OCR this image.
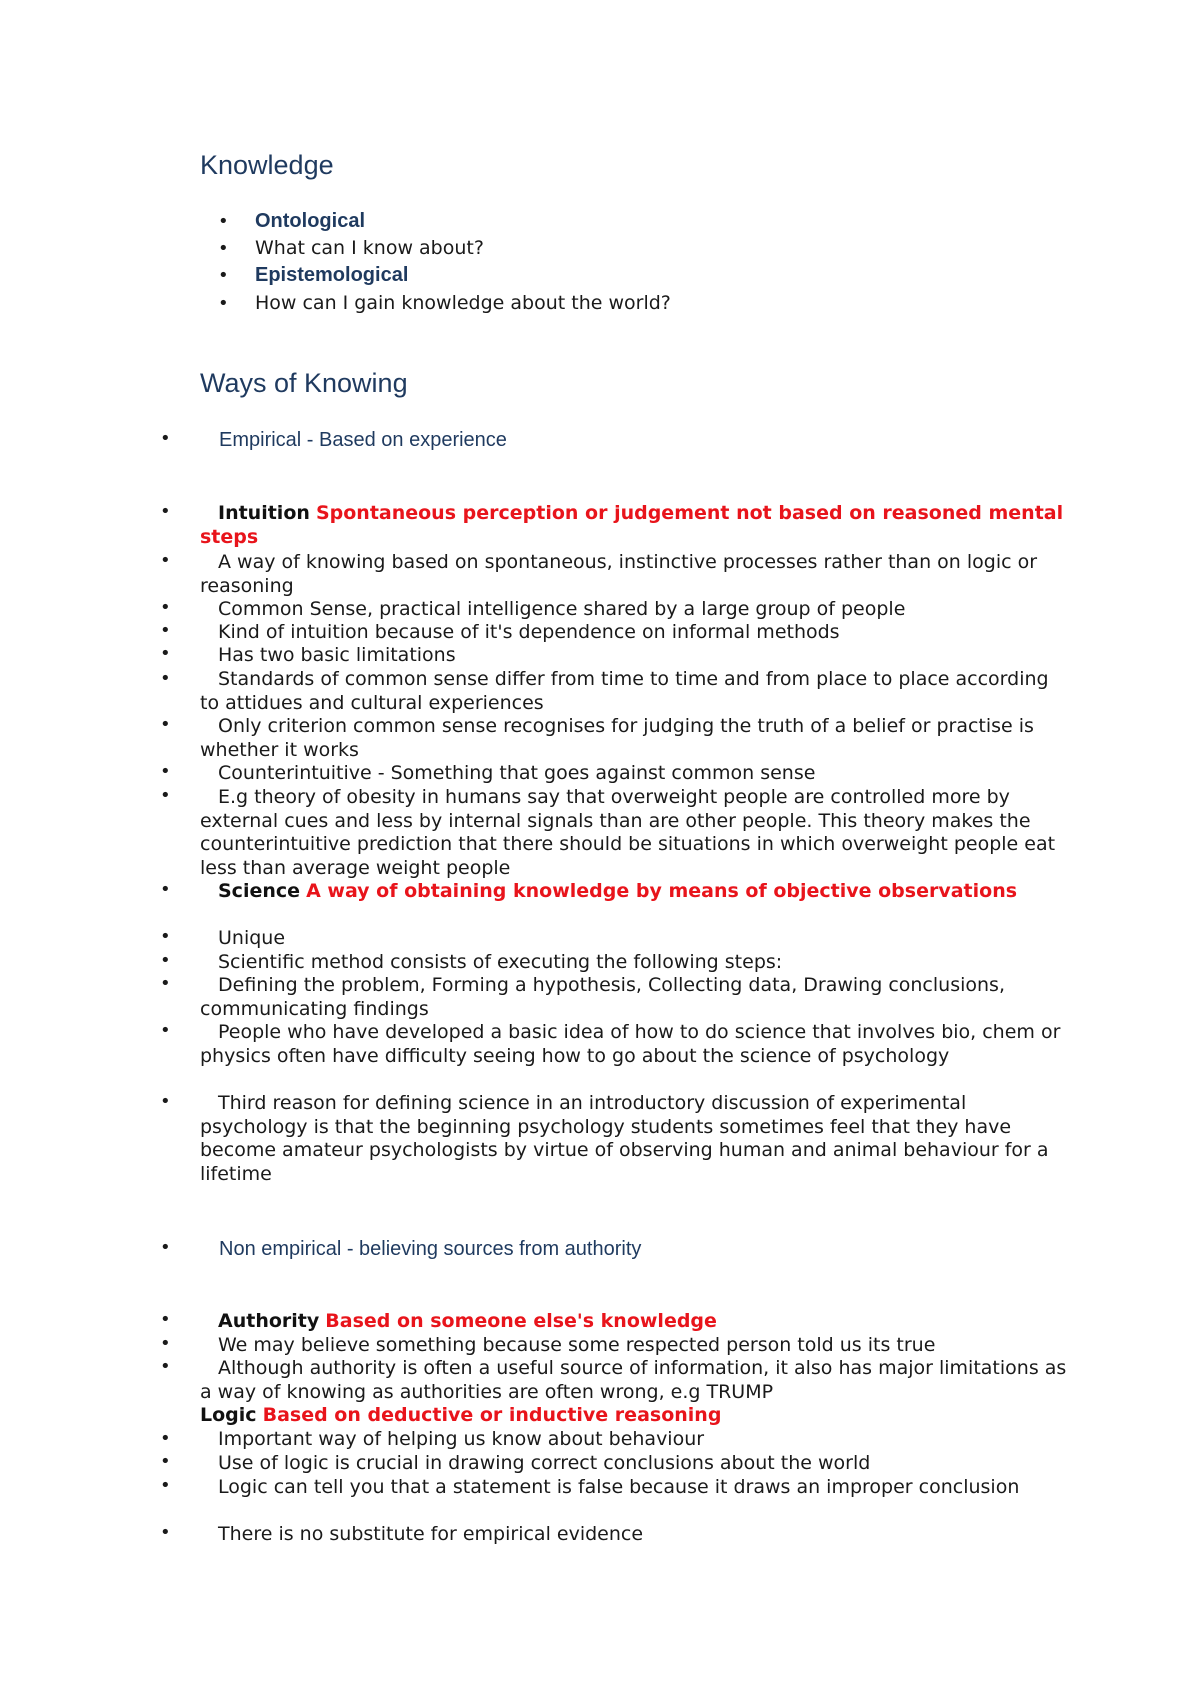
Knowledge
• Ontological
• What can I know about?
• Epistemological
• How can I gain knowledge about the world?
Ways of Knowing
• Empirical - Based on experience
•	Intuition Spontaneous perception or judgement not based on reasoned mental steps

•	A way of knowing based on spontaneous, instinctive processes rather than on logic or reasoning

•	Common Sense, practical intelligence shared by a large group of people

•	Kind of intuition because of it's dependence on informal methods

•	Has two basic limitations

•	Standards of common sense differ from time to time and from place to place according to attidues and cultural experiences

•	Only criterion common sense recognises for judging the truth of a belief or practise is whether it works

•	Counterintuitive - Something that goes against common sense

•	E.g theory of obesity in humans say that overweight people are controlled more by external cues and less by internal signals than are other people. This theory makes the counterintuitive prediction that there should be situations in which overweight people eat less than average weight people

•	Science A way of obtaining knowledge by means of objective observations

•	Unique

•	Scientific method consists of executing the following steps:

•	Defining the problem, Forming a hypothesis, Collecting data, Drawing conclusions, communicating findings

•	People who have developed a basic idea of how to do science that involves bio, chem or physics often have difficulty seeing how to go about the science of psychology

•	Third reason for defining science in an introductory discussion of experimental psychology is that the beginning psychology students sometimes feel that they have become amateur psychologists by virtue of observing human and animal behaviour for a lifetime

• Non empirical - believing sources from authority
•	Authority Based on someone else's knowledge

•	We may believe something because some respected person told us its true

•	Although authority is often a useful source of information, it also has major limitations as a way of knowing as authorities are often wrong, e.g TRUMP

Logic Based on deductive or inductive reasoning

•	Important way of helping us know about behaviour

•	Use of logic is crucial in drawing correct conclusions about the world

•	Logic can tell you that a statement is false because it draws an improper conclusion

•	There is no substitute for empirical evidence
